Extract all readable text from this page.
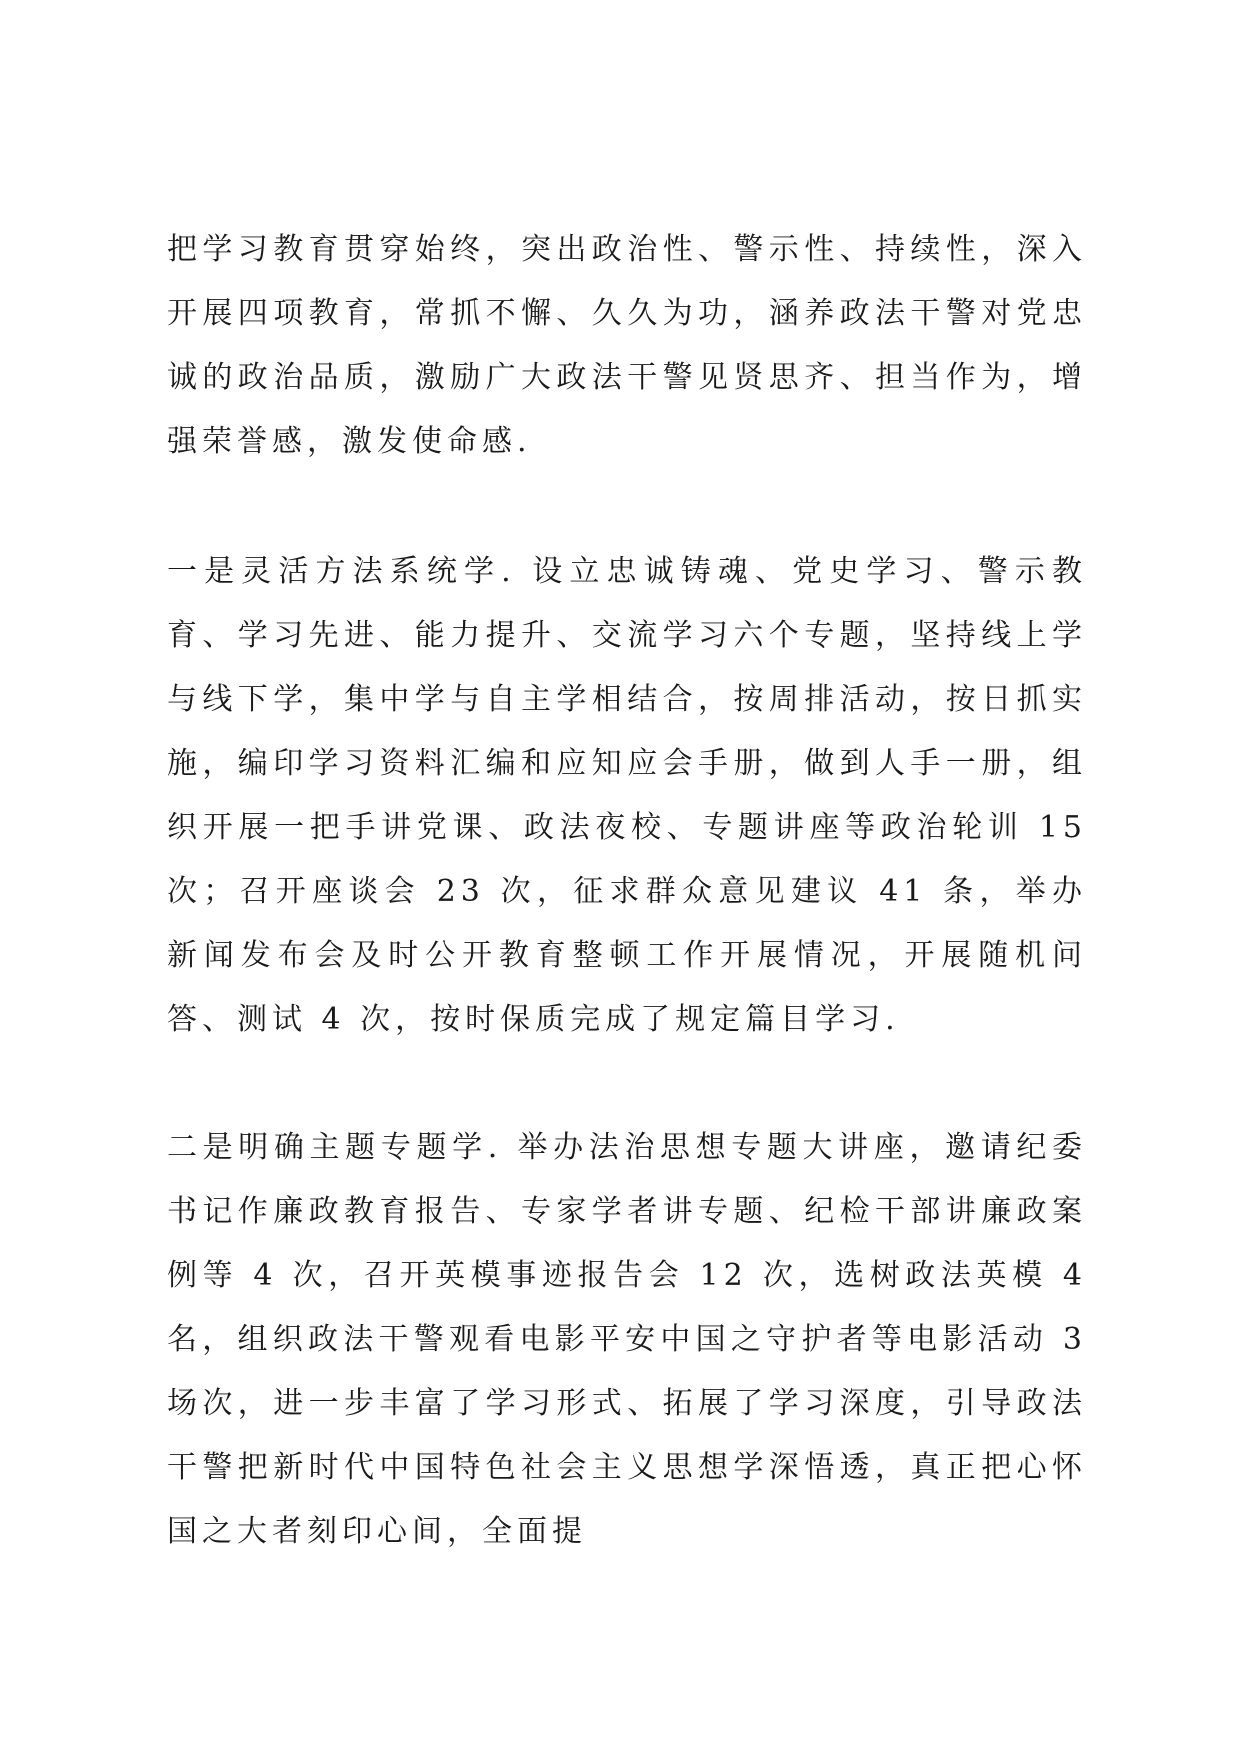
把学习教育贯穿始终，突出政治性、警示性、持续性，深入开展四项教育，常抓不懈、久久为功，涵养政法干警对党忠诚的政治品质，激励广大政法干警见贤思齐、担当作为，增强荣誉感，激发使命感.

一是灵活方法系统学. 设立忠诚铸魂、党史学习、警示教育、学习先进、能力提升、交流学习六个专题，坚持线上学与线下学，集中学与自主学相结合，按周排活动，按日抓实施，编印学习资料汇编和应知应会手册，做到人手一册，组织开展一把手讲党课、政法夜校、专题讲座等政治轮训 15 次；召开座谈会 23 次，征求群众意见建议 41 条，举办新闻发布会及时公开教育整顿工作开展情况，开展随机问答、测试 4 次，按时保质完成了规定篇目学习.

二是明确主题专题学. 举办法治思想专题大讲座，邀请纪委书记作廉政教育报告、专家学者讲专题、纪检干部讲廉政案例等 4 次，召开英模事迹报告会 12 次，选树政法英模 4 名，组织政法干警观看电影平安中国之守护者等电影活动 3 场次，进一步丰富了学习形式、拓展了学习深度，引导政法干警把新时代中国特色社会主义思想学深悟透，真正把心怀国之大者刻印心间，全面提
